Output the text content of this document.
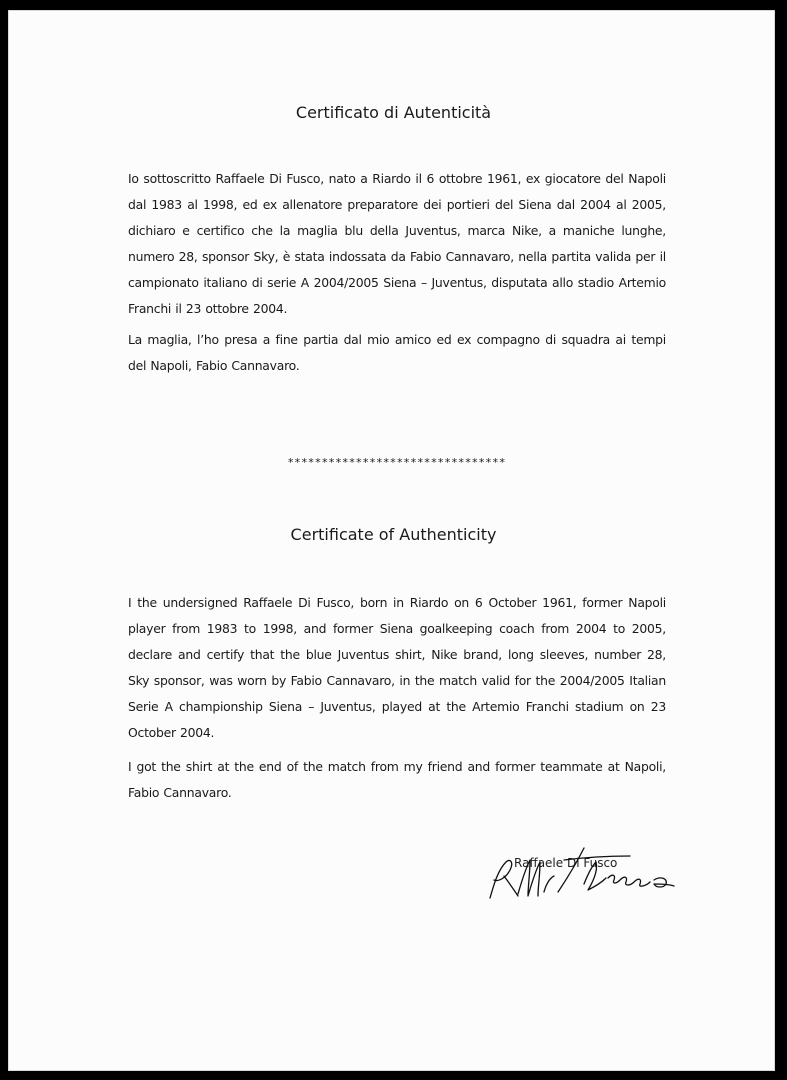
Certificato di Autenticità

Io sottoscritto Raffaele Di Fusco, nato a Riardo il 6 ottobre 1961, ex giocatore del Napoli dal 1983 al 1998, ed ex allenatore preparatore dei portieri del Siena dal 2004 al 2005, dichiaro e certifico che la maglia blu della Juventus, marca Nike, a maniche lunghe, numero 28, sponsor Sky, è stata indossata da Fabio Cannavaro, nella partita valida per il campionato italiano di serie A 2004/2005 Siena – Juventus, disputata allo stadio Artemio Franchi il 23 ottobre 2004.

La maglia, l’ho presa a fine partia dal mio amico ed ex compagno di squadra ai tempi del Napoli, Fabio Cannavaro.

********************************

Certificate of Authenticity

I the undersigned Raffaele Di Fusco, born in Riardo on 6 October 1961, former Napoli player from 1983 to 1998, and former Siena goalkeeping coach from 2004 to 2005, declare and certify that the blue Juventus shirt, Nike brand, long sleeves, number 28, Sky sponsor, was worn by Fabio Cannavaro, in the match valid for the 2004/2005 Italian Serie A championship Siena – Juventus, played at the Artemio Franchi stadium on 23 October 2004.

I got the shirt at the end of the match from my friend and former teammate at Napoli, Fabio Cannavaro.

Raffaele Di Fusco
